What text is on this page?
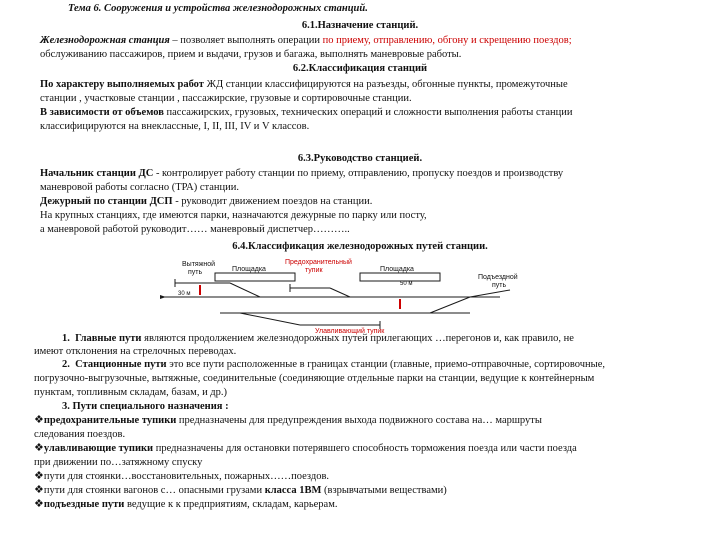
Тема 6. Сооружения и устройства железнодорожных станций.
6.1.Назначение станций.
Железнодорожная станция – позволяет выполнять операции по приему, отправлению, обгону и скрещению поездов;
обслуживанию пассажиров, прием и выдачи, грузов и багажа, выполнять маневровые работы.
6.2.Классификация станций
По характеру выполняемых работ ЖД станции классифицируются на разъезды, обгонные пункты, промежуточные
станции , участковые станции , пассажирские, грузовые и сортировочные станции.
В зависимости от объемов пассажирских, грузовых, технических операций и сложности выполнения работы станции
классифицируются на внеклассные, I, II, III, IV и V классов.
6.3.Руководство станцией.
Начальник станции ДС - контролирует работу станции по приему, отправлению, пропуску поездов и производству
маневровой работы согласно (ТРА) станции.
Дежурный по станции ДСП - руководит движением поездов на станции.
На крупных станциях, где имеются парки, назначаются дежурные по парку или посту,
а маневровой работой руководит…… маневровый диспетчер………..
6.4.Классификация железнодорожных путей станции.
Вытяжной
путь	Площадка
Предохранительный
тупик	Площадка
Подъездной
путь
30 м
50 м
Улавливающий тупик
1. Главные пути являются продолжением железнодорожных путей прилегающих …перегонов и, как правило, не
имеют отклонения на стрелочных переводах.
2. Станционные пути это все пути расположенные в границах станции (главные, приемо-отправочные, сортировочные,
погрузочно-выгрузочные, вытяжные, соединительные (соединяющие отдельные парки на станции, ведущие к контейнерным
пунктам, топливным складам, базам, и др.)
3. Пути специального назначения :
❖предохранительные тупики предназначены для предупреждения выхода подвижного состава на… маршруты
следования поездов.
❖улавливающие тупики предназначены для остановки потерявшего способность торможения поезда или части поезда
при движении по…затяжному спуску
❖пути для стоянки…восстановительных, пожарных……поездов.
❖пути для стоянки вагонов с… опасными грузами класса 1ВМ (взрывчатыми веществами)
❖подъездные пути ведущие к к предприятиям, складам, карьерам.
